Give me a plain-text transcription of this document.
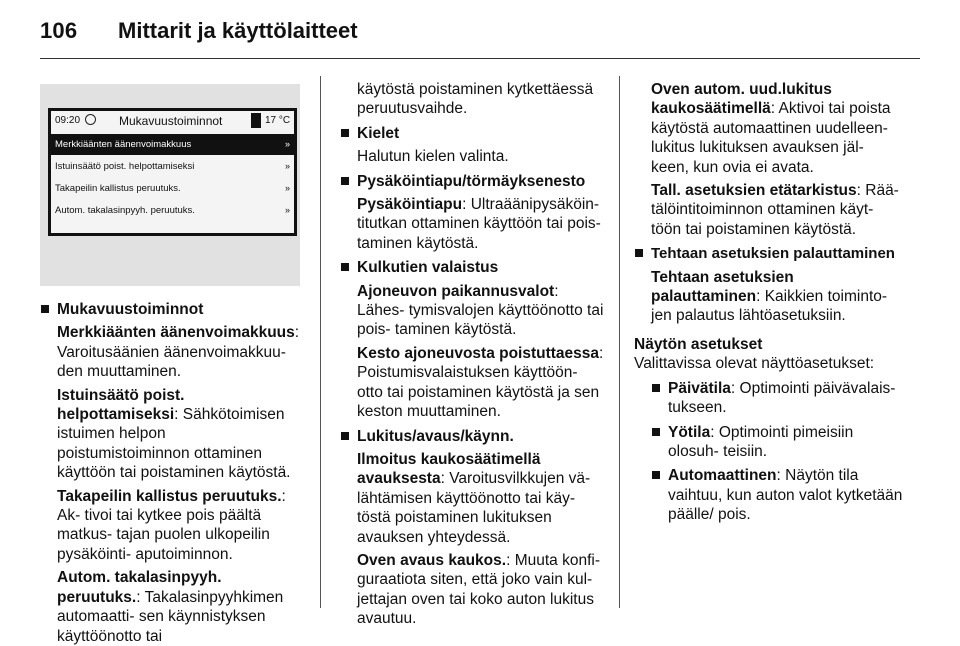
106 Mittarit ja käyttölaitteet
09:20	Mukavuustoiminnot	17 °C
Merkkiäänten äänenvoimakkuus	»
Istuinsäätö poist. helpottamiseksi	»
Takapeilin kallistus peruutuks.	»
Autom. takalasinpyyh. peruutuks.	»
Mukavuustoiminnot
Merkkiäänten äänenvoimakkuus: Varoitusäänien äänenvoimakkuu- den muuttaminen.
Istuinsäätö poist. helpottamiseksi: Sähkötoimisen istuimen helpon poistumistoiminnon ottaminen käyttöön tai poistaminen käytöstä.
Takapeilin kallistus peruutuks.: Ak- tivoi tai kytkee pois päältä matkus- tajan puolen ulkopeilin pysäköinti- aputoiminnon.
Autom. takalasinpyyh. peruutuks.: Takalasinpyyhkimen automaatti- sen käynnistyksen käyttöönotto tai

käytöstä poistaminen kytkettäessä peruutusvaihde.

Kielet
Halutun kielen valinta.
Pysäköintiapu/törmäyksenesto
Pysäköintiapu: Ultraäänipysäköin- titutkan ottaminen käyttöön tai pois- taminen käytöstä.
Kulkutien valaistus
Ajoneuvon paikannusvalot: Lähes- tymisvalojen käyttöönotto tai pois- taminen käytöstä.
Kesto ajoneuvosta poistuttaessa: Poistumisvalaistuksen käyttöön- otto tai poistaminen käytöstä ja sen keston muuttaminen.
Lukitus/avaus/käynn.
Ilmoitus kaukosäätimellä avauksesta: Varoitusvilkkujen vä- lähtämisen käyttöönotto tai käy- töstä poistaminen lukituksen avauksen yhteydessä.
Oven avaus kaukos.: Muuta konfi- guraatiota siten, että joko vain kul- jettajan oven tai koko auton lukitus avautuu.
Oven autom. uud.lukitus kaukosäätimellä: Aktivoi tai poista käytöstä automaattinen uudelleen- lukitus lukituksen avauksen jäl- keen, kun ovia ei avata.
Tall. asetuksien etätarkistus: Rää- tälöintitoiminnon ottaminen käyt- töön tai poistaminen käytöstä.
Tehtaan asetuksien palauttaminen
Tehtaan asetuksien palauttaminen: Kaikkien toiminto- jen palautus lähtöasetuksiin.

Näytön asetukset

Valittavissa olevat näyttöasetukset:

Päivätila: Optimointi päivävalais- tukseen.
Yötila: Optimointi pimeisiin olosuh- teisiin.
Automaattinen: Näytön tila vaihtuu, kun auton valot kytketään päälle/ pois.
